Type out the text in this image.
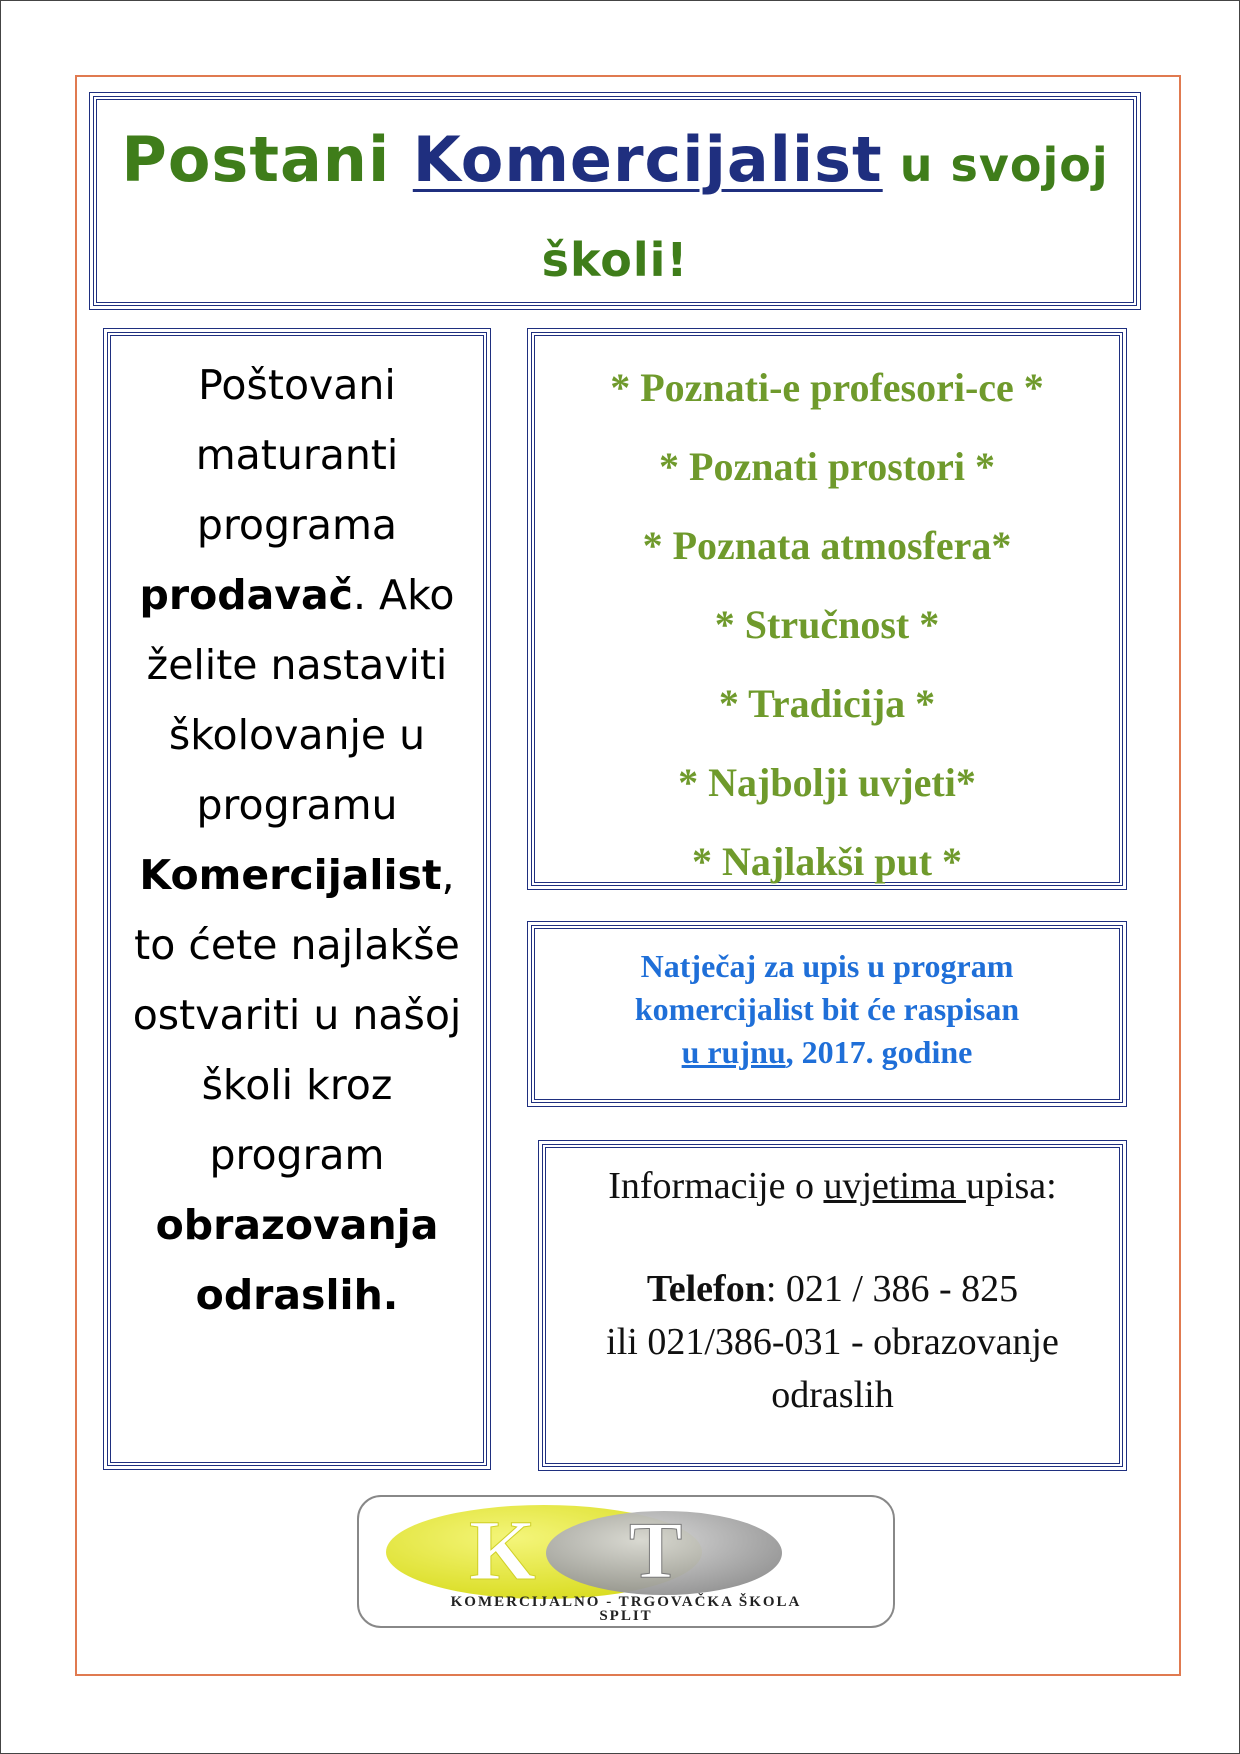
Postani Komercijalist u svojoj
školi!
Poštovani maturanti programa prodavač. Ako želite nastaviti školovanje u programu Komercijalist, to ćete najlakše ostvariti u našoj školi kroz program obrazovanja odraslih.
* Poznati-e profesori-ce *
* Poznati prostori *
* Poznata atmosfera*
* Stručnost *
* Tradicija *
* Najbolji uvjeti*
* Najlakši put *
Natječaj za upis u program
komercijalist bit će raspisan
u rujnu, 2017. godine
Informacije o uvjetima upisa:
Telefon: 021 / 386 - 825
ili 021/386-031 - obrazovanje
odraslih
K T
KOMERCIJALNO - TRGOVAČKA ŠKOLA
SPLIT
